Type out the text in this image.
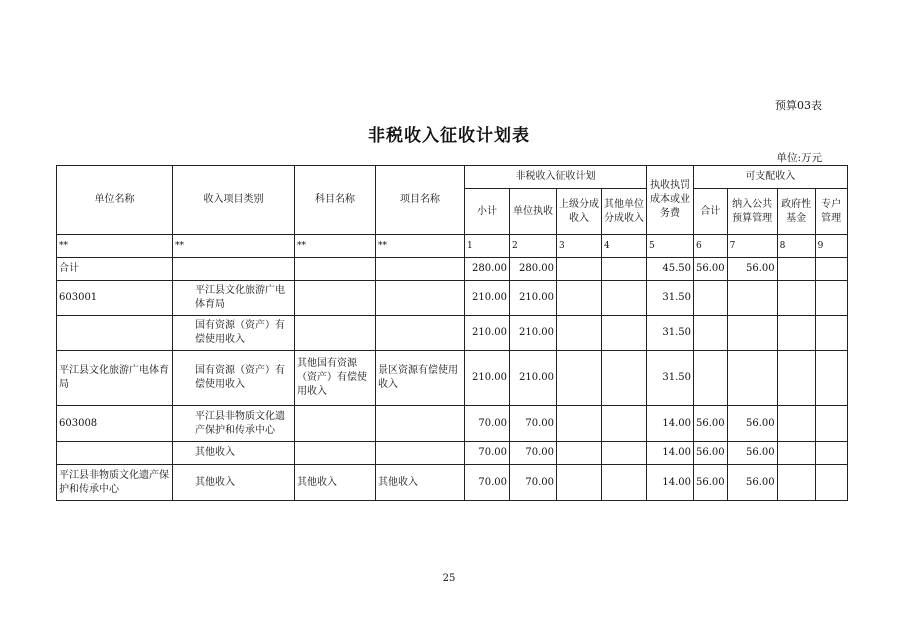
预算03表
非税收入征收计划表
单位:万元
单位名称	收入项目类别	科目名称	项目名称	非税收入征收计划				执收执罚成本或业务费	可支配收入			
				小计	单位执收	上级分成收入	其他单位分成收入		合计	纳入公共预算管理	政府性基金	专户管理
**	**	**	**	1	2	3	4	5	6	7	8	9
合计				280.00	280.00			45.50	56.00	56.00		
603001	平江县文化旅游广电体育局			210.00	210.00			31.50				
	国有资源（资产）有偿使用收入			210.00	210.00			31.50				
平江县文化旅游广电体育局	国有资源（资产）有偿使用收入	其他国有资源（资产）有偿使用收入	景区资源有偿使用收入	210.00	210.00			31.50				
603008	平江县非物质文化遗产保护和传承中心			70.00	70.00			14.00	56.00	56.00		
	其他收入			70.00	70.00			14.00	56.00	56.00		
平江县非物质文化遗产保护和传承中心	其他收入	其他收入	其他收入	70.00	70.00			14.00	56.00	56.00		
25
